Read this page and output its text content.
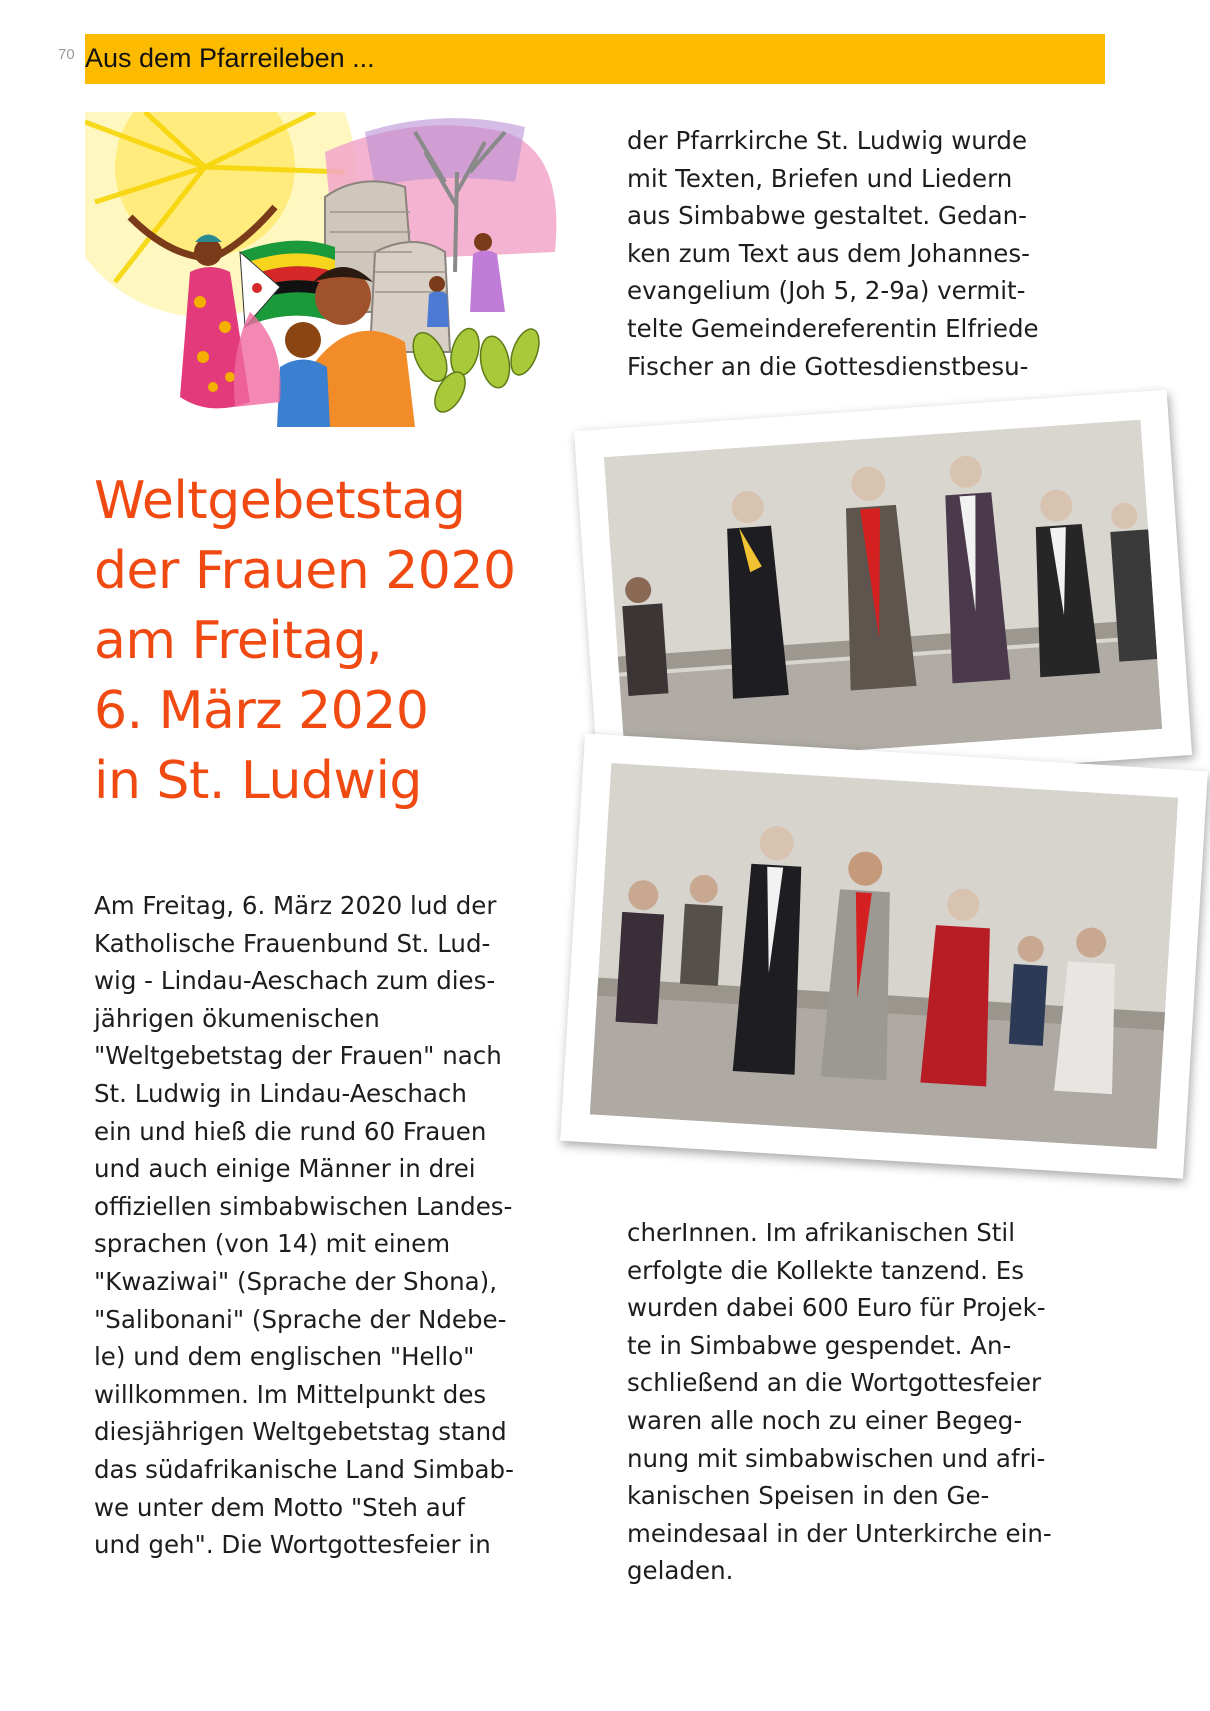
70 Aus dem Pfarreileben ...
Weltgebetstag
der Frauen 2020
am Freitag,
6. März 2020
in St. Ludwig

der Pfarrkirche St. Ludwig wurde
mit Texten, Briefen und Liedern
aus Simbabwe gestaltet. Gedan-
ken zum Text aus dem Johannes-
evangelium (Joh 5, 2-9a) vermit-
telte Gemeindereferentin Elfriede
Fischer an die Gottesdienstbesu-

Am Freitag, 6. März 2020 lud der
Katholische Frauenbund St. Lud-
wig - Lindau-Aeschach zum dies-
jährigen ökumenischen
"Weltgebetstag der Frauen" nach
St. Ludwig in Lindau-Aeschach
ein und hieß die rund 60 Frauen
und auch einige Männer in drei
offiziellen simbabwischen Landes-
sprachen (von 14) mit einem
"Kwaziwai" (Sprache der Shona),
"Salibonani" (Sprache der Ndebe-
le) und dem englischen "Hello"
willkommen. Im Mittelpunkt des
diesjährigen Weltgebetstag stand
das südafrikanische Land Simbab-
we unter dem Motto "Steh auf
und geh". Die Wortgottesfeier in

cherInnen. Im afrikanischen Stil
erfolgte die Kollekte tanzend. Es
wurden dabei 600 Euro für Projek-
te in Simbabwe gespendet. An-
schließend an die Wortgottesfeier
waren alle noch zu einer Begeg-
nung mit simbabwischen und afri-
kanischen Speisen in den Ge-
meindesaal in der Unterkirche ein-
geladen.
